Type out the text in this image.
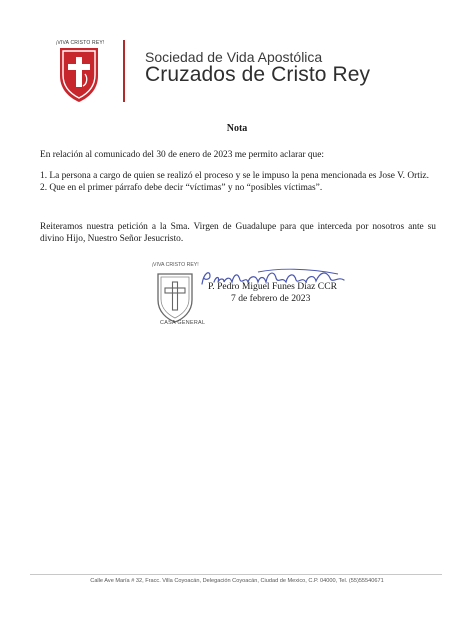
¡VIVA CRISTO REY!
Sociedad de Vida Apostólica
Cruzados de Cristo Rey
Nota
En relación al comunicado del 30 de enero de 2023 me permito aclarar que:
1. La persona a cargo de quien se realizó el proceso y se le impuso la pena mencionada es Jose V. Ortiz.
2. Que en el primer párrafo debe decir “víctimas” y no “posibles víctimas”.
Reiteramos nuestra petición a la Sma. Virgen de Guadalupe para que interceda por nosotros ante su divino Hijo, Nuestro Señor Jesucristo.
¡VIVA CRISTO REY!
CASA GENERAL
P. Pedro Miguel Funes Díaz CCR
7 de febrero de 2023
Calle Ave María # 32, Fracc. Villa Coyoacán, Delegación Coyoacán, Ciudad de Mexico, C.P. 04000, Tel. (55)55540671
